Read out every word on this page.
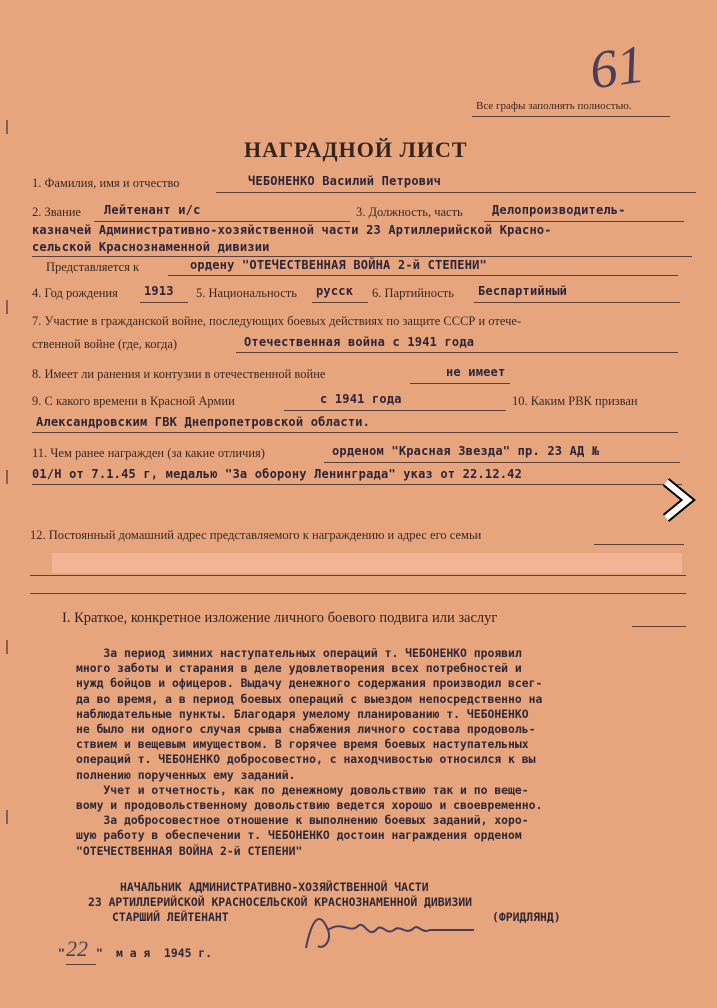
61
Все графы заполнять полностью.
НАГРАДНОЙ ЛИСТ
1. Фамилия, имя и отчество	ЧЕБОНЕНКО Василий Петрович
2. Звание Лейтенант и/с	3. Должность, часть Делопроизводитель-
казначей Административно-хозяйственной части 23 Артиллерийской Красно-
сельской Краснознаменной дивизии
Представляется к	ордену "ОТЕЧЕСТВЕННАЯ ВОЙНА 2-й СТЕПЕНИ"
4. Год рождения 1913 5. Национальность русск 6. Партийность Беспартийный
7. Участие в гражданской войне, последующих боевых действиях по защите СССР и отече-
ственной войне (где, когда)	Отечественная война с 1941 года
8. Имеет ли ранения и контузии в отечественной войне	не имеет
9. С какого времени в Красной Армии	с 1941 года	10. Каким РВК призван
Александровским ГВК Днепропетровской области.
11. Чем ранее награжден (за какие отличия)	орденом "Красная Звезда" пр. 23 АД №
01/Н от 7.1.45 г, медалью "За оборону Ленинграда" указ от 22.12.42
12. Постоянный домашний адрес представляемого к награждению и адрес его семьи
I. Краткое, конкретное изложение личного боевого подвига или заслуг
За период зимних наступательных операций т. ЧЕБОНЕНКО проявил
много заботы и старания в деле удовлетворения всех потребностей и
нужд бойцов и офицеров. Выдачу денежного содержания производил всег-
да во время, а в период боевых операций с выездом непосредственно на
наблюдательные пункты. Благодаря умелому планированию т. ЧЕБОНЕНКО
не было ни одного случая срыва снабжения личного состава продоволь-
ствием и вещевым имуществом. В горячее время боевых наступательных
операций т. ЧЕБОНЕНКО добросовестно, с находчивостью относился к вы
полнению порученных ему заданий.
Учет и отчетность, как по денежному довольствию так и по веще-
вому и продовольственному довольствию ведется хорошо и своевременно.
За добросовестное отношение к выполнению боевых заданий, хоро-
шую работу в обеспечении т. ЧЕБОНЕНКО достоин награждения орденом
"ОТЕЧЕСТВЕННАЯ ВОЙНА 2-й СТЕПЕНИ"
НАЧАЛЬНИК АДМИНИСТРАТИВНО-ХОЗЯЙСТВЕННОЙ ЧАСТИ
23 АРТИЛЛЕРИЙСКОЙ КРАСНОСЕЛЬСКОЙ КРАСНОЗНАМЕННОЙ ДИВИЗИИ
СТАРШИЙ ЛЕЙТЕНАНТ	(ФРИДЛЯНД)
" 22 " м а я  1945 г.
